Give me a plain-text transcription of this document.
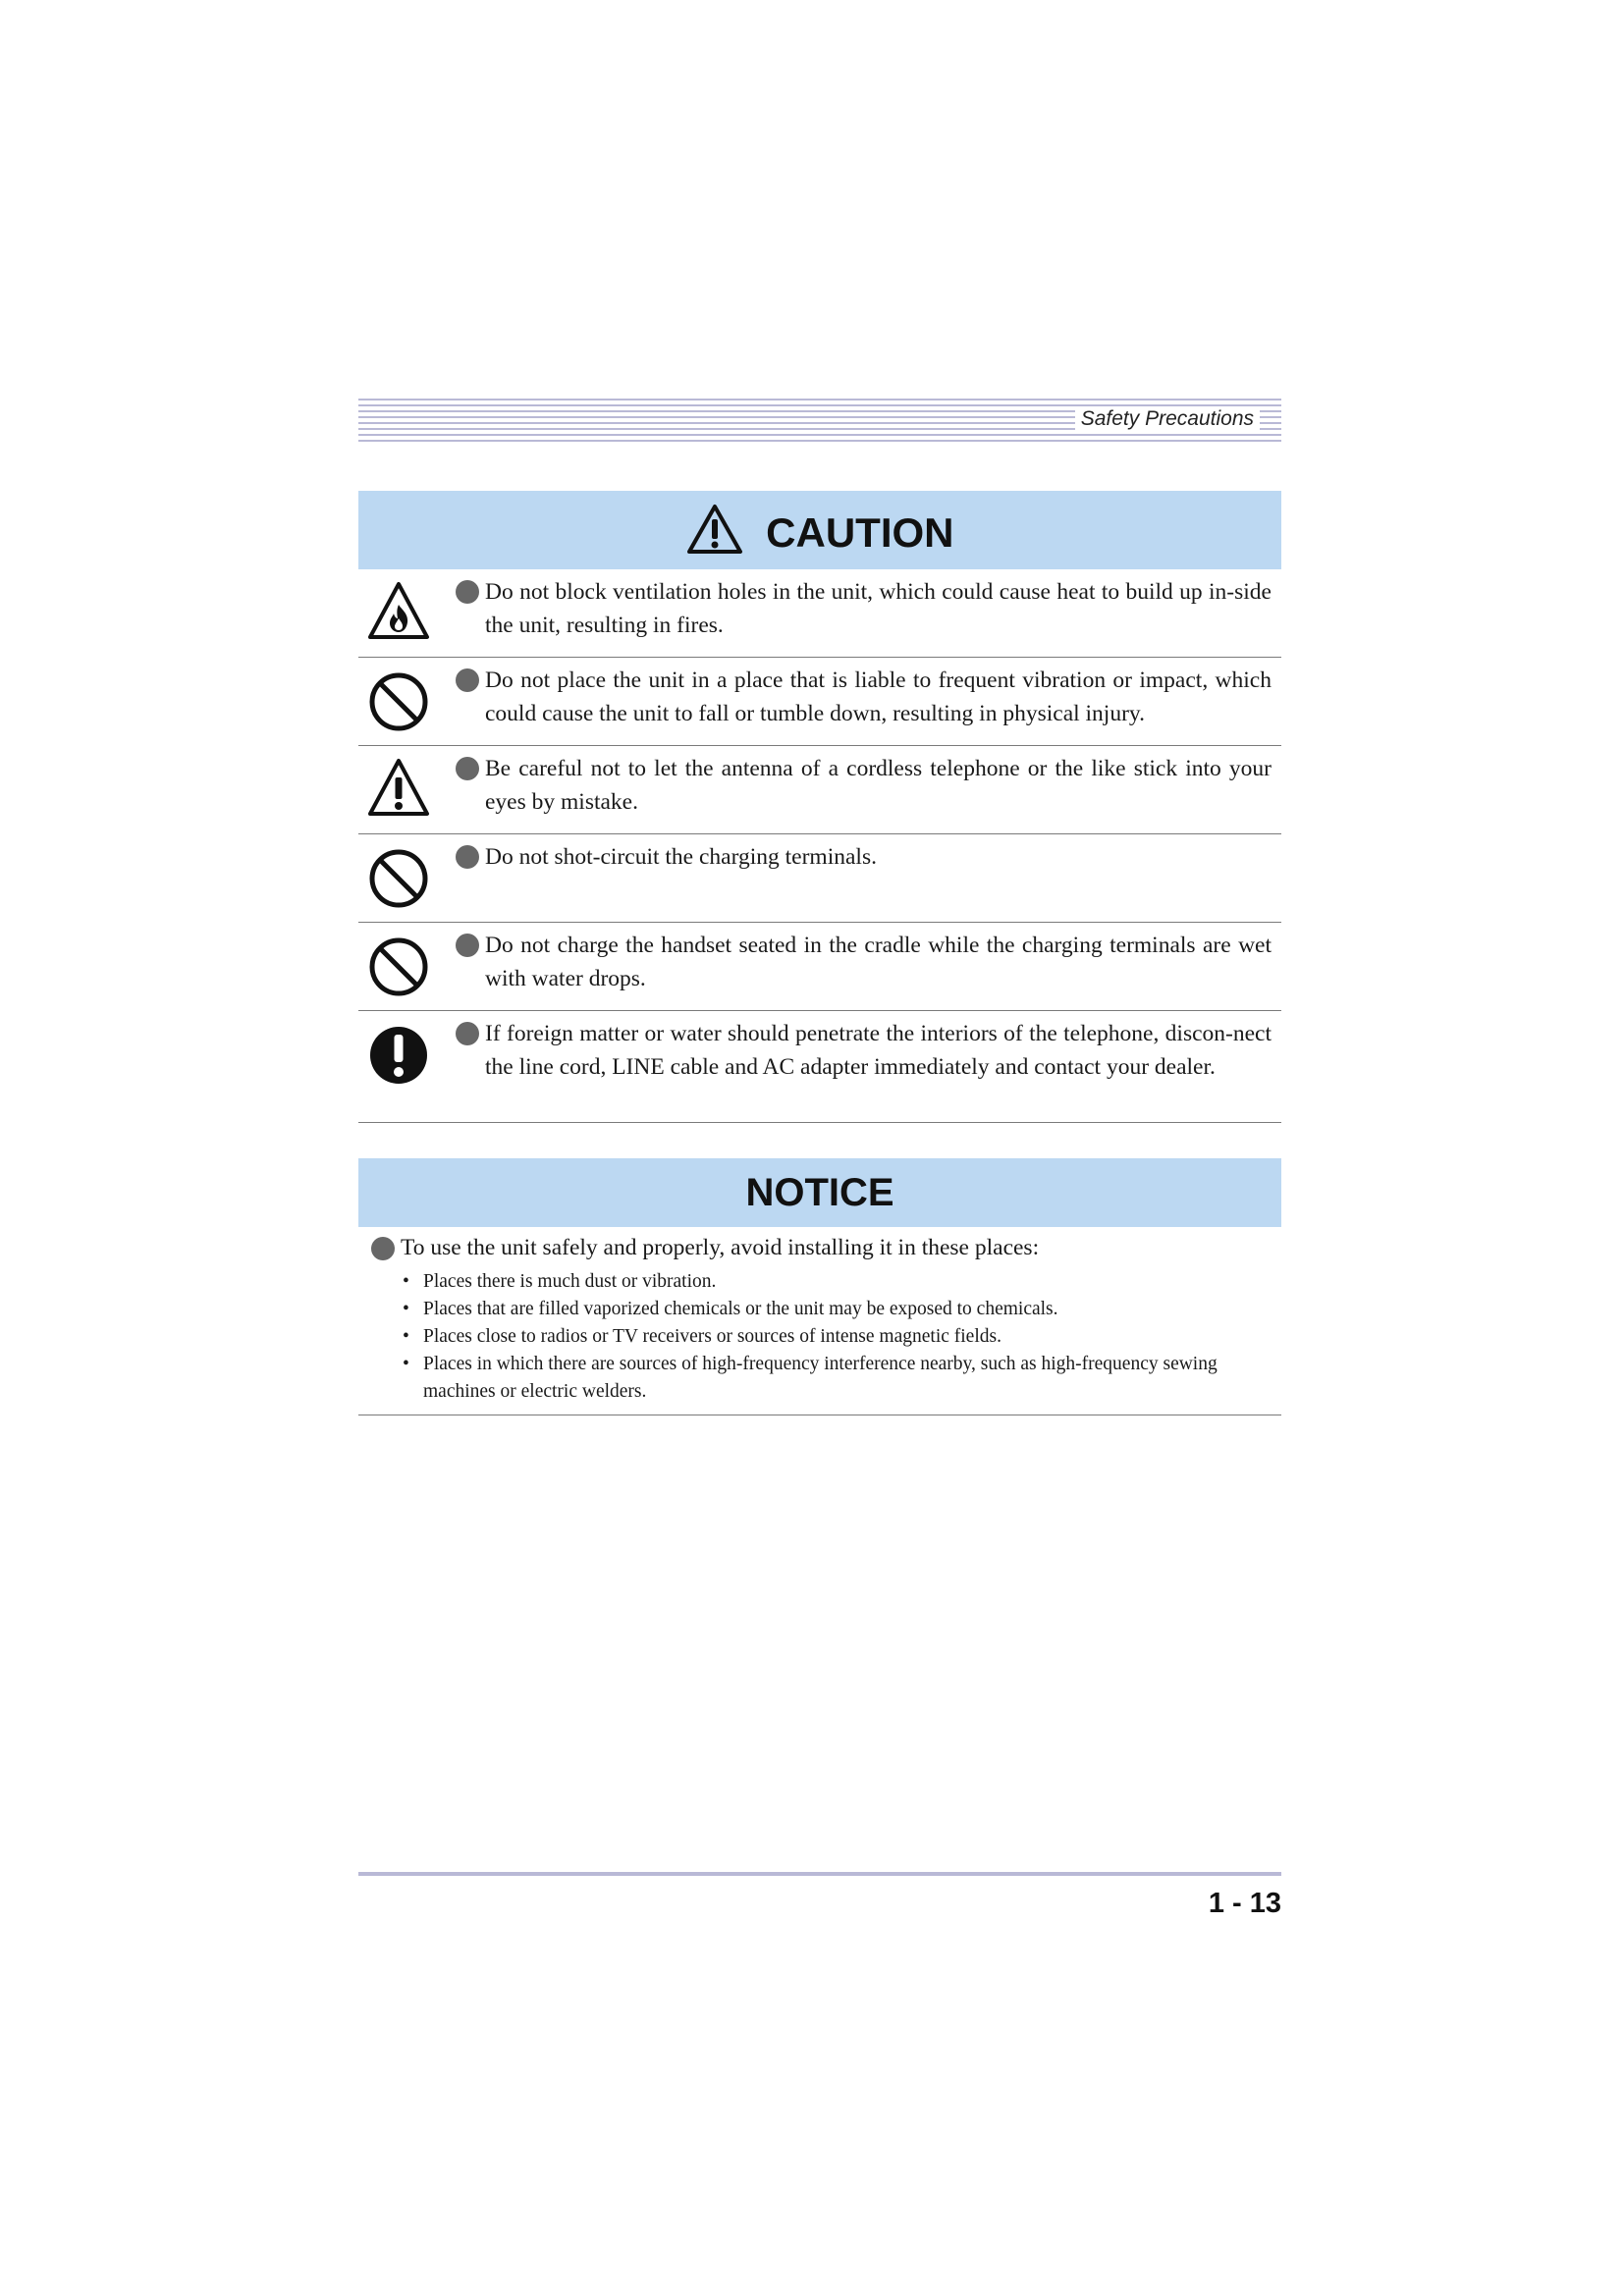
Safety Precautions
CAUTION
Do not block ventilation holes in the unit, which could cause heat to build up in-side the unit, resulting in fires.
Do not place the unit in a place that is liable to frequent vibration or impact, which could cause the unit to fall or tumble down, resulting in physical injury.
Be careful not to let the antenna of a cordless telephone or the like stick into your eyes by mistake.
Do not shot-circuit the charging terminals.
Do not charge the handset seated in the cradle while the charging terminals are wet with water drops.
If foreign matter or water should penetrate the interiors of the telephone, discon-nect the line cord, LINE cable and AC adapter immediately and contact your dealer.
NOTICE
To use the unit safely and properly, avoid installing it in these places:
• Places there is much dust or vibration.
• Places that are filled vaporized chemicals or the unit may be exposed to chemicals.
• Places close to radios or TV receivers or sources of intense magnetic fields.
• Places in which there are sources of high-frequency interference nearby, such as high-frequency sewing machines or electric welders.
1 - 13
